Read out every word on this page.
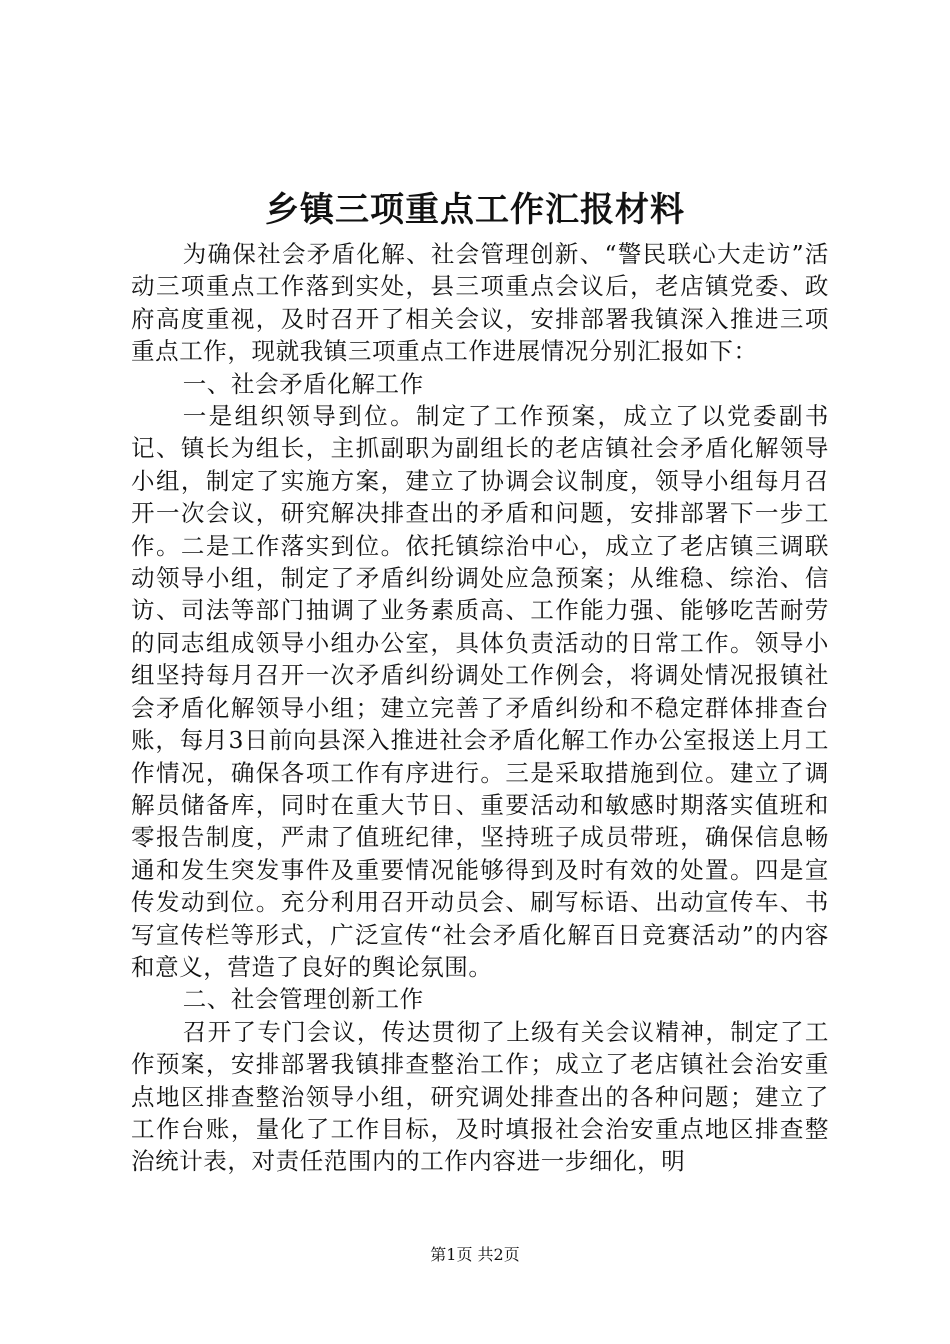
乡镇三项重点工作汇报材料

为确保社会矛盾化解、社会管理创新、“警民联心大走访”活动三项重点工作落到实处，县三项重点会议后，老店镇党委、政府高度重视，及时召开了相关会议，安排部署我镇深入推进三项重点工作，现就我镇三项重点工作进展情况分别汇报如下：

一、社会矛盾化解工作

一是组织领导到位。制定了工作预案，成立了以党委副书记、镇长为组长，主抓副职为副组长的老店镇社会矛盾化解领导小组，制定了实施方案，建立了协调会议制度，领导小组每月召开一次会议，研究解决排查出的矛盾和问题，安排部署下一步工作。二是工作落实到位。依托镇综治中心，成立了老店镇三调联动领导小组，制定了矛盾纠纷调处应急预案；从维稳、综治、信访、司法等部门抽调了业务素质高、工作能力强、能够吃苦耐劳的同志组成领导小组办公室，具体负责活动的日常工作。领导小组坚持每月召开一次矛盾纠纷调处工作例会，将调处情况报镇社会矛盾化解领导小组；建立完善了矛盾纠纷和不稳定群体排查台账，每月3日前向县深入推进社会矛盾化解工作办公室报送上月工作情况，确保各项工作有序进行。三是采取措施到位。建立了调解员储备库，同时在重大节日、重要活动和敏感时期落实值班和零报告制度，严肃了值班纪律，坚持班子成员带班，确保信息畅通和发生突发事件及重要情况能够得到及时有效的处置。四是宣传发动到位。充分利用召开动员会、刷写标语、出动宣传车、书写宣传栏等形式，广泛宣传“社会矛盾化解百日竞赛活动”的内容和意义，营造了良好的舆论氛围。

二、社会管理创新工作

召开了专门会议，传达贯彻了上级有关会议精神，制定了工作预案，安排部署我镇排查整治工作；成立了老店镇社会治安重点地区排查整治领导小组，研究调处排查出的各种问题；建立了工作台账，量化了工作目标，及时填报社会治安重点地区排查整治统计表，对责任范围内的工作内容进一步细化，明

第1页 共2页
